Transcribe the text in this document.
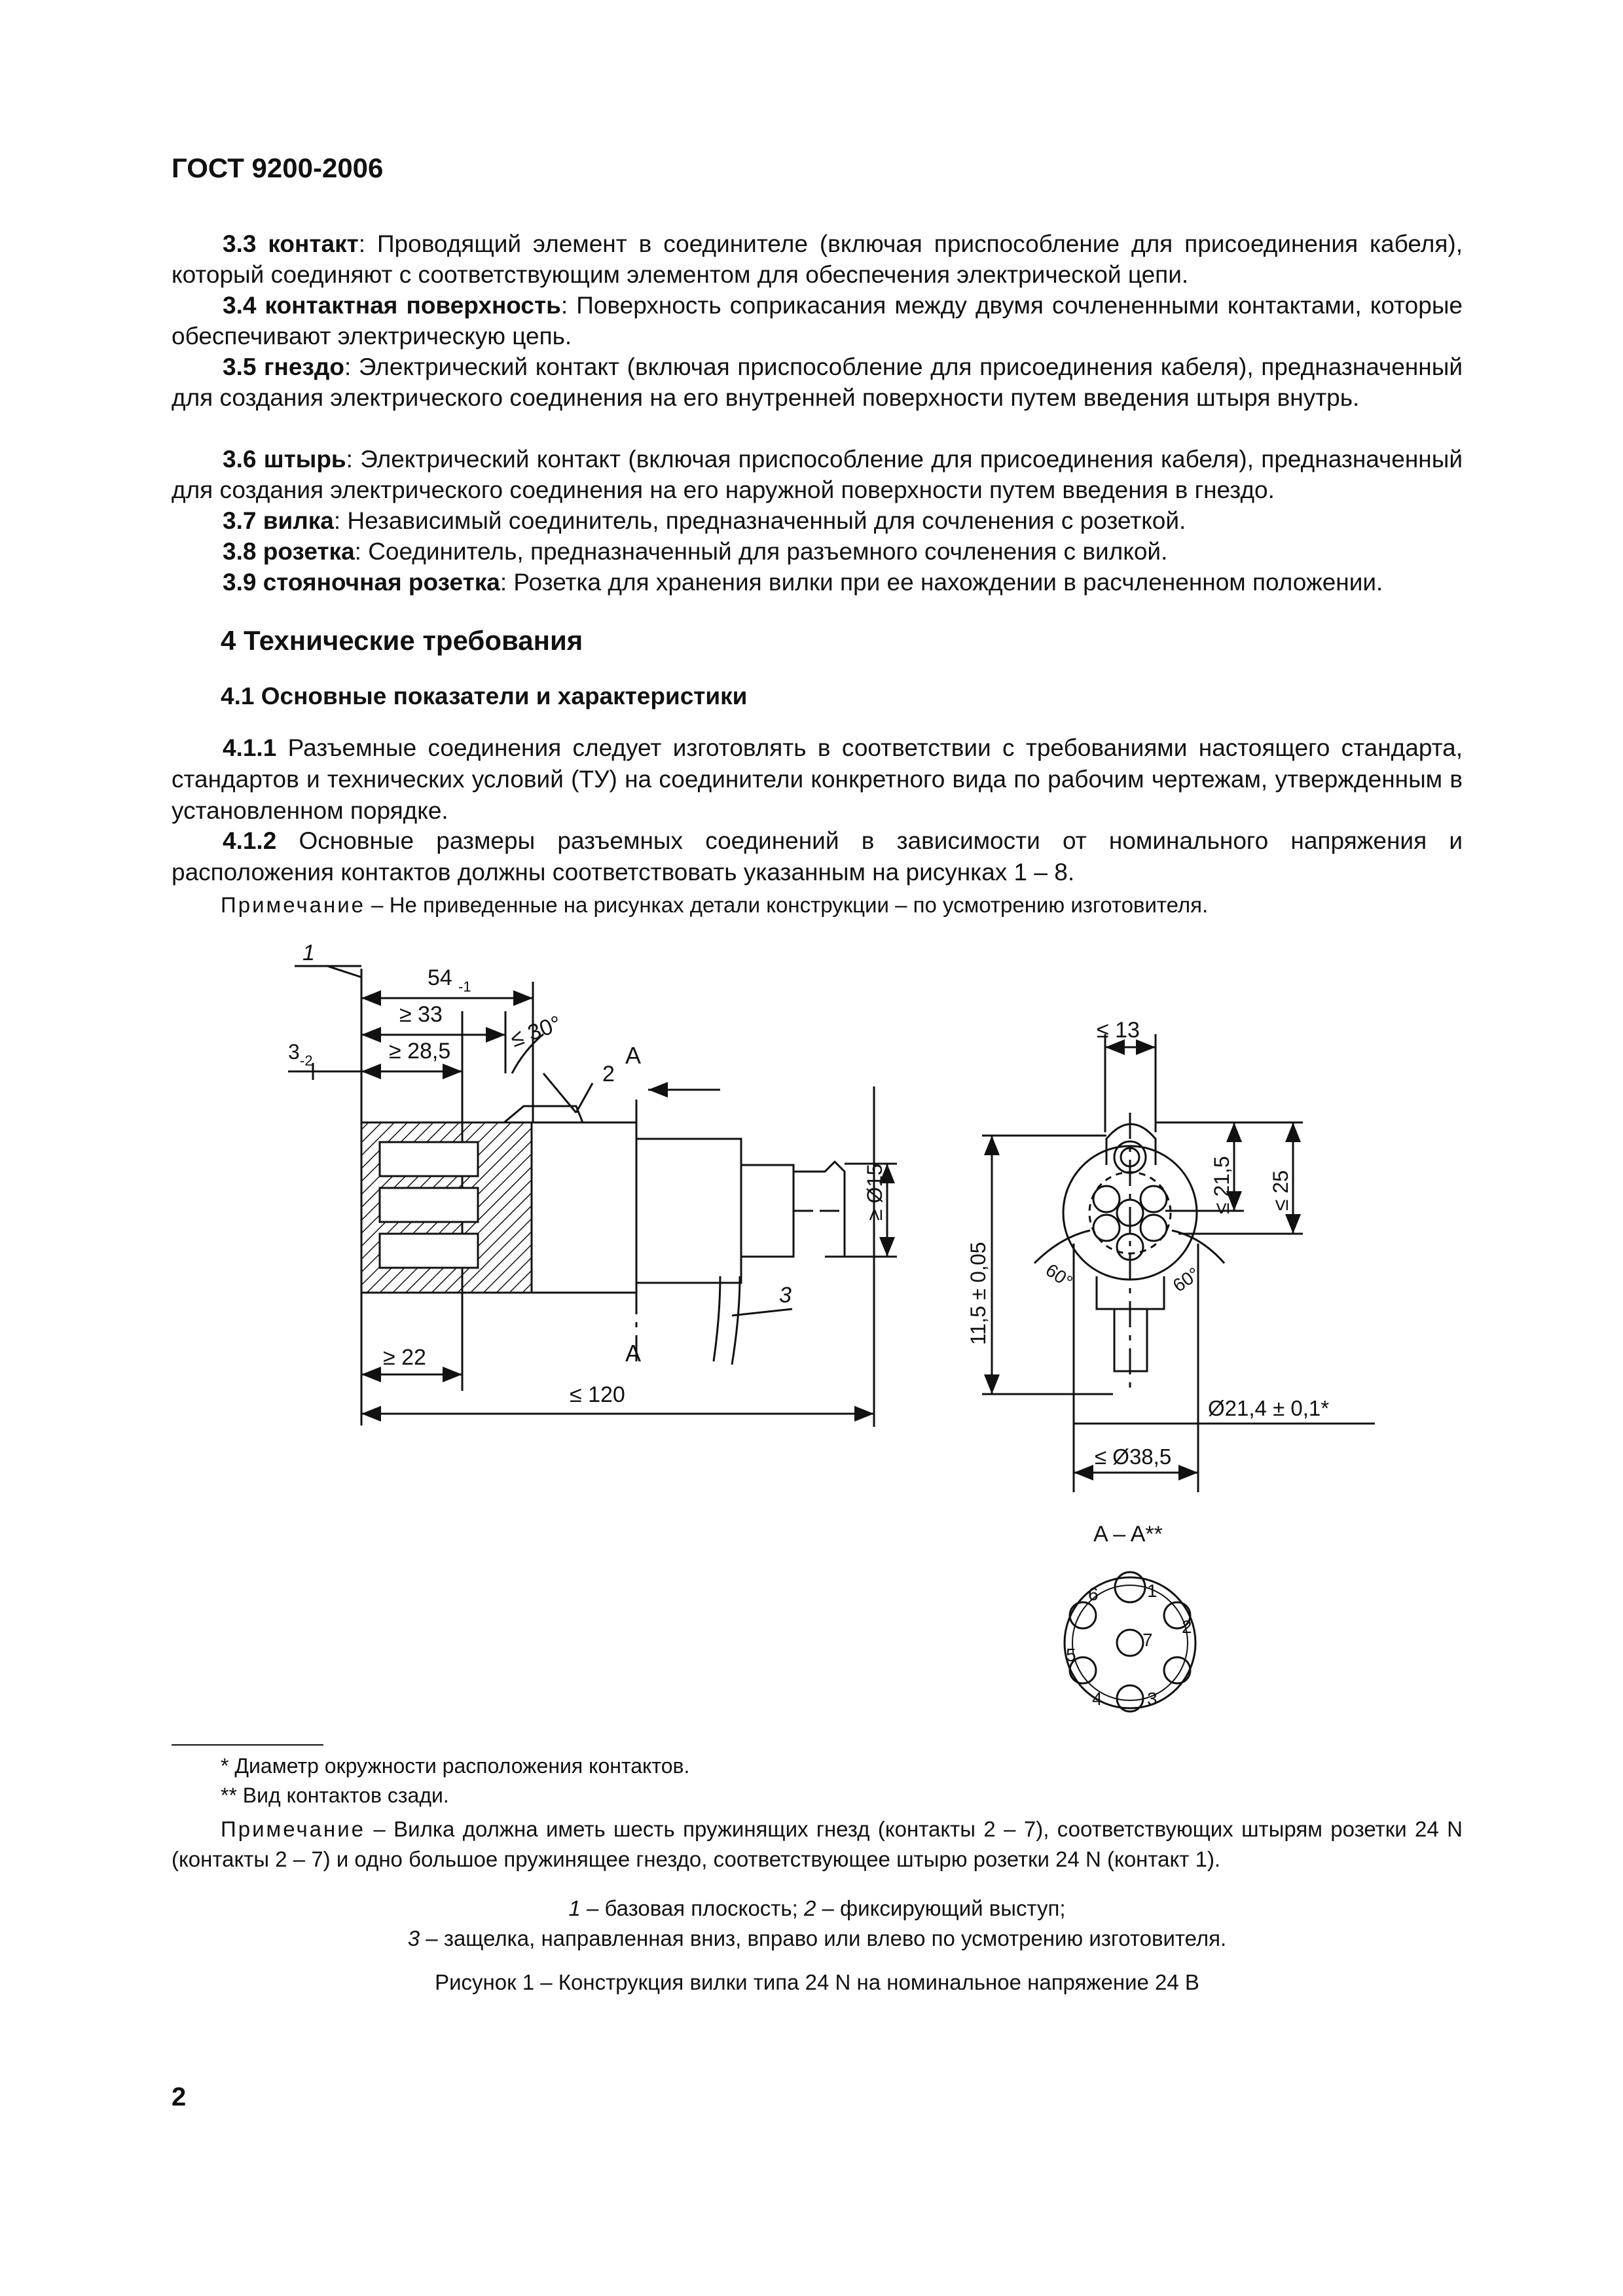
ГОСТ 9200-2006
3.3 контакт: Проводящий элемент в соединителе (включая приспособление для присоединения кабеля), который соединяют с соответствующим элементом для обеспечения электрической цепи.
3.4 контактная поверхность: Поверхность соприкасания между двумя сочлененными контактами, которые обеспечивают электрическую цепь.
3.5 гнездо: Электрический контакт (включая приспособление для присоединения кабеля), предназначенный для создания электрического соединения на его внутренней поверхности путем введения штыря внутрь.
3.6 штырь: Электрический контакт (включая приспособление для присоединения кабеля), предназначенный для создания электрического соединения на его наружной поверхности путем введения в гнездо.
3.7 вилка: Независимый соединитель, предназначенный для сочленения с розеткой.
3.8 розетка: Соединитель, предназначенный для разъемного сочленения с вилкой.
3.9 стояночная розетка: Розетка для хранения вилки при ее нахождении в расчлененном положении.
4 Технические требования
4.1 Основные показатели и характеристики
4.1.1 Разъемные соединения следует изготовлять в соответствии с требованиями настоящего стандарта, стандартов и технических условий (ТУ) на соединители конкретного вида по рабочим чертежам, утвержденным в установленном порядке.
4.1.2 Основные размеры разъемных соединений в зависимости от номинального напряжения и расположения контактов должны соответствовать указанным на рисунках 1 – 8.
Примечание – Не приведенные на рисунках детали конструкции – по усмотрению изготовителя.
1
54 -1
≥ 33
≥ 28,5
3 -2
≤ 30°
2
A
A
≥ Ø15
3
≥ 22
≤ 120
≤ 13
≤ 21,5 ≤ 25
11,5 ± 0,05	60°	60°
Ø21,4 ± 0,1*
≤ Ø38,5
A – A**
1
2
3
4
5
6
7
* Диаметр окружности расположения контактов.
** Вид контактов сзади.
Примечание – Вилка должна иметь шесть пружинящих гнезд (контакты 2 – 7), соответствующих штырям розетки 24 N (контакты 2 – 7) и одно большое пружинящее гнездо, соответствующее штырю розетки 24 N (контакт 1).
1 – базовая плоскость; 2 – фиксирующий выступ;
3 – защелка, направленная вниз, вправо или влево по усмотрению изготовителя.
Рисунок 1 – Конструкция вилки типа 24 N на номинальное напряжение 24 В
2
